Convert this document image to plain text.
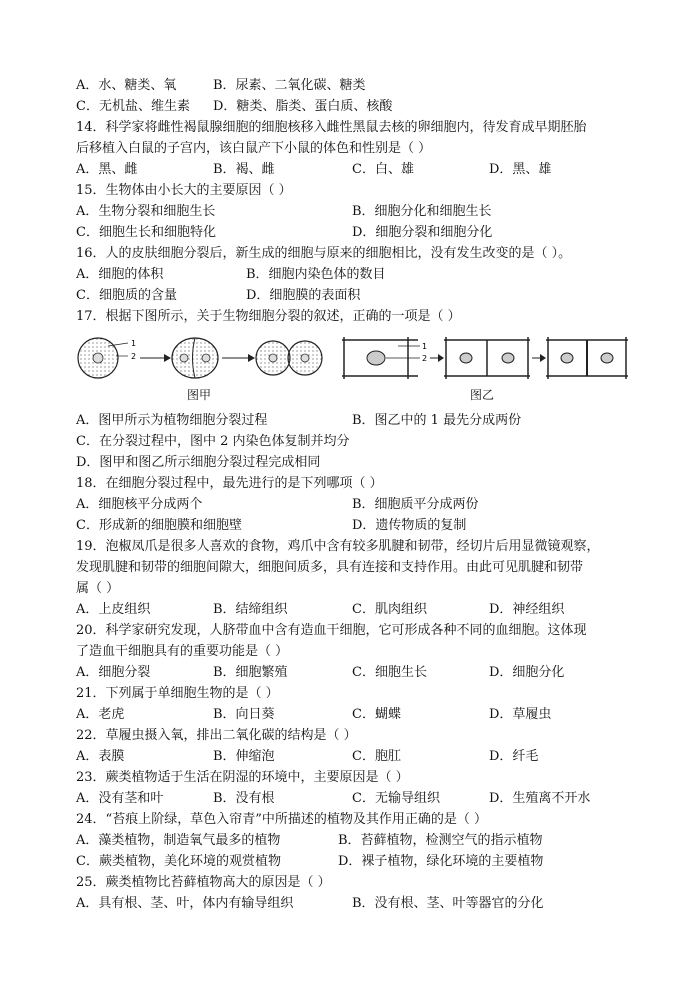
A．水、糖类、氧	B．尿素、二氧化碳、糖类
C．无机盐、维生素 D．糖类、脂类、蛋白质、核酸
14．科学家将雌性褐鼠腺细胞的细胞核移入雌性黑鼠去核的卵细胞内，待发育成早期胚胎
后移植入白鼠的子宫内，该白鼠产下小鼠的体色和性别是（ ）
A．黑、雌	B．褐、雌	C．白、雄	D．黑、雄
15．生物体由小长大的主要原因（ ）
A．生物分裂和细胞生长	B．细胞分化和细胞生长
C．细胞生长和细胞特化	D．细胞分裂和细胞分化
16．人的皮肤细胞分裂后，新生成的细胞与原来的细胞相比，没有发生改变的是（ ）。
A．细胞的体积	B．细胞内染色体的数目
C．细胞质的含量	D．细胞膜的表面积
17．根据下图所示，关于生物细胞分裂的叙述，正确的一项是（ ）
1
2
1
2
图甲	图乙
A．图甲所示为植物细胞分裂过程	B．图乙中的 1 最先分成两份
C．在分裂过程中，图中 2 内染色体复制并均分
D．图甲和图乙所示细胞分裂过程完成相同
18．在细胞分裂过程中，最先进行的是下列哪项（ ）
A．细胞核平分成两个	B．细胞质平分成两份
C．形成新的细胞膜和细胞壁	D．遗传物质的复制
19．泡椒凤爪是很多人喜欢的食物，鸡爪中含有较多肌腱和韧带，经切片后用显微镜观察，
发现肌腱和韧带的细胞间隙大，细胞间质多，具有连接和支持作用。由此可见肌腱和韧带
属（ ）
A．上皮组织	B．结缔组织	C．肌肉组织	D．神经组织
20．科学家研究发现，人脐带血中含有造血干细胞，它可形成各种不同的血细胞。这体现
了造血干细胞具有的重要功能是（ ）
A．细胞分裂	B．细胞繁殖	C．细胞生长	D．细胞分化
21．下列属于单细胞生物的是（ ）
A．老虎	B．向日葵	C．蝴蝶	D．草履虫
22．草履虫摄入氧，排出二氧化碳的结构是（ ）
A．表膜	B．伸缩泡	C．胞肛	D．纤毛
23．蕨类植物适于生活在阴湿的环境中，主要原因是（ ）
A．没有茎和叶	B．没有根	C．无输导组织	D．生殖离不开水
24．“苔痕上阶绿，草色入帘青”中所描述的植物及其作用正确的是（ ）
A．藻类植物，制造氧气最多的植物	B．苔藓植物，检测空气的指示植物
C．蕨类植物，美化环境的观赏植物	D．裸子植物，绿化环境的主要植物
25．蕨类植物比苔藓植物高大的原因是（ ）
A．具有根、茎、叶，体内有输导组织	B．没有根、茎、叶等器官的分化
